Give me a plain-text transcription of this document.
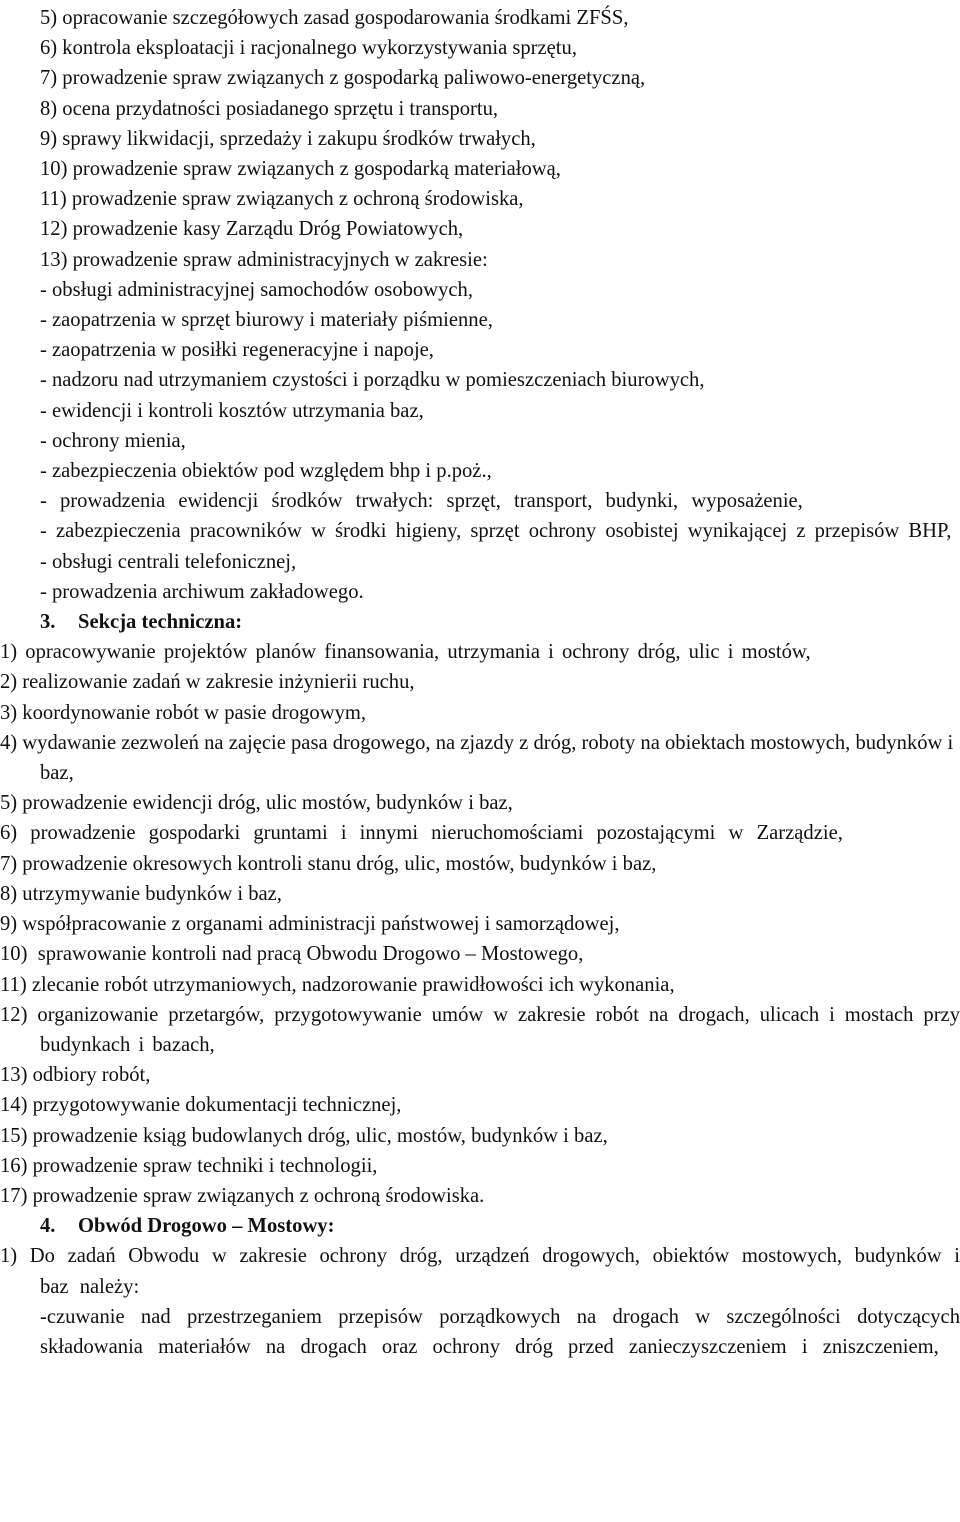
5) opracowanie szczegółowych zasad gospodarowania środkami ZFŚS,
6) kontrola eksploatacji i racjonalnego wykorzystywania sprzętu,
7) prowadzenie spraw związanych z gospodarką paliwowo-energetyczną,
8) ocena przydatności posiadanego sprzętu i transportu,
9) sprawy likwidacji, sprzedaży i zakupu środków trwałych,
10) prowadzenie spraw związanych z gospodarką materiałową,
11) prowadzenie spraw związanych z ochroną środowiska,
12) prowadzenie kasy Zarządu Dróg Powiatowych,
13) prowadzenie spraw administracyjnych w zakresie:
- obsługi administracyjnej samochodów osobowych,
- zaopatrzenia w sprzęt biurowy i materiały piśmienne,
- zaopatrzenia w posiłki regeneracyjne i napoje,
- nadzoru nad utrzymaniem czystości i porządku w pomieszczeniach biurowych,
- ewidencji i kontroli kosztów utrzymania baz,
- ochrony mienia,
- zabezpieczenia obiektów pod względem bhp i p.poż.,
- prowadzenia ewidencji środków trwałych: sprzęt, transport, budynki, wyposażenie,
- zabezpieczenia pracowników w środki higieny, sprzęt ochrony osobistej wynikającej z przepisów BHP,
- obsługi centrali telefonicznej,
- prowadzenia archiwum zakładowego.
3. Sekcja techniczna:
1) opracowywanie projektów planów finansowania, utrzymania i ochrony dróg, ulic i mostów,
2) realizowanie zadań w zakresie inżynierii ruchu,
3) koordynowanie robót w pasie drogowym,
4) wydawanie zezwoleń na zajęcie pasa drogowego, na zjazdy z dróg, roboty na obiektach mostowych, budynków i baz,
5) prowadzenie ewidencji dróg, ulic mostów, budynków i baz,
6) prowadzenie gospodarki gruntami i innymi nieruchomościami pozostającymi w Zarządzie,
7) prowadzenie okresowych kontroli stanu dróg, ulic, mostów, budynków i baz,
8) utrzymywanie budynków i baz,
9) współpracowanie z organami administracji państwowej i samorządowej,
10)  sprawowanie kontroli nad pracą Obwodu Drogowo – Mostowego,
11) zlecanie robót utrzymaniowych, nadzorowanie prawidłowości ich wykonania,
12) organizowanie przetargów, przygotowywanie umów w zakresie robót na drogach, ulicach i mostach przy budynkach i bazach,
13) odbiory robót,
14) przygotowywanie dokumentacji technicznej,
15) prowadzenie ksiąg budowlanych dróg, ulic, mostów, budynków i baz,
16) prowadzenie spraw techniki i technologii,
17) prowadzenie spraw związanych z ochroną środowiska.
4. Obwód Drogowo – Mostowy:
1) Do zadań Obwodu w zakresie ochrony dróg, urządzeń drogowych, obiektów mostowych, budynków i baz należy:
-czuwanie nad przestrzeganiem przepisów porządkowych na drogach w szczególności dotyczących składowania materiałów na drogach oraz ochrony dróg przed zanieczyszczeniem i zniszczeniem,
